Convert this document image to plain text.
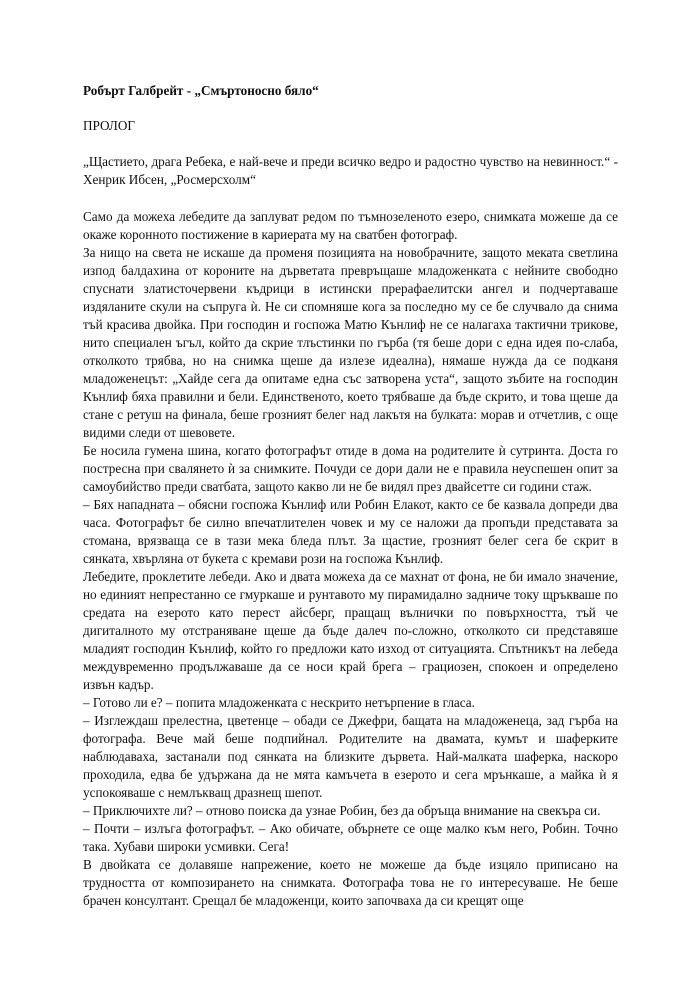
Робърт Галбрейт - „Смъртоносно бяло“
ПРОЛОГ
„Щастието, драга Ребека, е най-вече и преди всичко ведро и радостно чувство на невинност.“ - Хенрик Ибсен, „Росмерсхолм“

Само да можеха лебедите да заплуват редом по тъмнозеленото езеро, снимката можеше да се окаже коронното постижение в кариерата му на сватбен фотограф.

За нищо на света не искаше да променя позицията на новобрачните, защото меката светлина изпод балдахина от короните на дърветата превръщаше младоженката с нейните свободно спуснати златисточервени къдрици в истински прерафаелитски ангел и подчертаваше издяланите скули на съпруга ѝ. Не си спомняше кога за последно му се бе случвало да снима тъй красива двойка. При господин и госпожа Матю Кънлиф не се налагаха тактични трикове, нито специален ъгъл, който да скрие тлъстинки по гърба (тя беше дори с една идея по-слаба, отколкото трябва, но на снимка щеше да излезе идеална), нямаше нужда да се подканя младоженецът: „Хайде сега да опитаме една със затворена уста“, защото зъбите на господин Кънлиф бяха правилни и бели. Единственото, което трябваше да бъде скрито, и това щеше да стане с ретуш на финала, беше грозният белег над лакътя на булката: морав и отчетлив, с още видими следи от шевовете.

Бе носила гумена шина, когато фотографът отиде в дома на родителите ѝ сутринта. Доста го постресна при свалянето ѝ за снимките. Почуди се дори дали не е правила неуспешен опит за самоубийство преди сватбата, защото какво ли не бе видял през двайсетте си години стаж.

– Бях нападната – обясни госпожа Кънлиф или Робин Елакот, както се бе казвала допреди два часа. Фотографът бе силно впечатлителен човек и му се наложи да пропъди представата за стомана, врязваща се в тази мека бледа плът. За щастие, грозният белег сега бе скрит в сянката, хвърляна от букета с кремави рози на госпожа Кънлиф.

Лебедите, проклетите лебеди. Ако и двата можеха да се махнат от фона, не би имало значение, но единият непрестанно се гмуркаше и рунтавото му пирамидално задниче току щръкваше по средата на езерото като перест айсберг, пращащ вълнички по повърхността, тъй че дигиталното му отстраняване щеше да бъде далеч по-сложно, отколкото си представяше младият господин Кънлиф, който го предложи като изход от ситуацията. Спътникът на лебеда междувременно продължаваше да се носи край брега – грациозен, спокоен и определено извън кадър.

– Готово ли е? – попита младоженката с нескрито нетърпение в гласа.

– Изглеждаш прелестна, цветенце – обади се Джефри, бащата на младоженеца, зад гърба на фотографа. Вече май беше подпийнал. Родителите на двамата, кумът и шаферките наблюдаваха, застанали под сянката на близките дървета. Най-малката шаферка, наскоро проходила, едва бе удържана да не мята камъчета в езерото и сега мрънкаше, а майка ѝ я успокояваше с немлъкващ дразнещ шепот.

– Приключихте ли? – отново поиска да узнае Робин, без да обръща внимание на свекъра си.

– Почти – излъга фотографът. – Ако обичате, обърнете се още малко към него, Робин. Точно така. Хубави широки усмивки. Сега!

В двойката се долавяше напрежение, което не можеше да бъде изцяло приписано на трудността от композирането на снимката. Фотографа това не го интересуваше. Не беше брачен консултант. Срещал бе младоженци, които започваха да си крещят още
